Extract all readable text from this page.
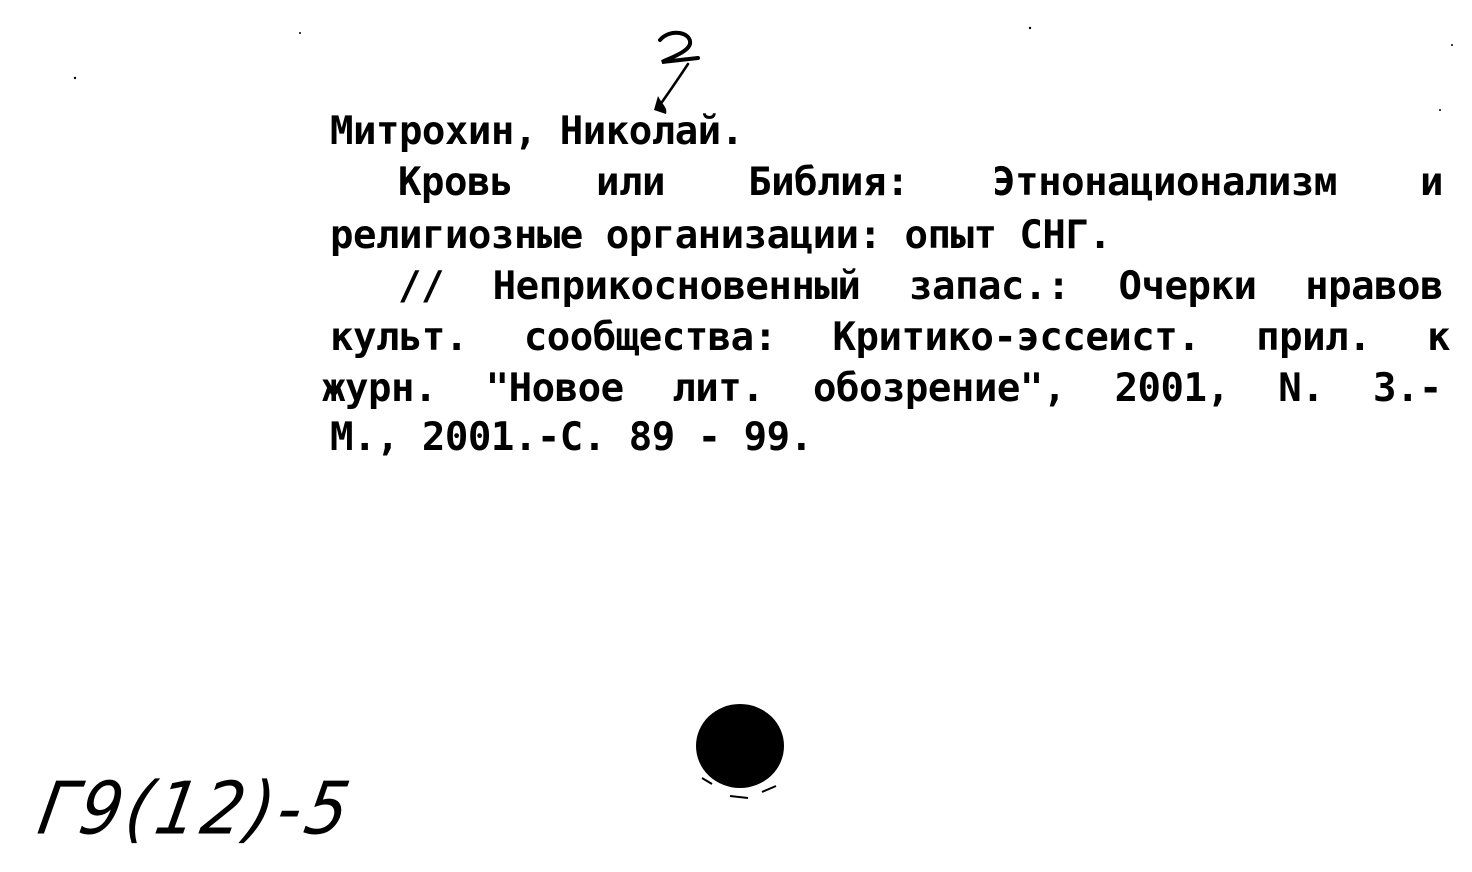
Митрохин, Николай.
Кровь или Библия: Этнонационализм и
религиозные организации: опыт СНГ.
// Неприкосновенный запас.: Очерки нравов
культ. сообщества: Критико-эссеист. прил. к
журн. "Новое лит. обозрение", 2001, N. 3.-
М., 2001.-С. 89 - 99.
Г9(12)-5
